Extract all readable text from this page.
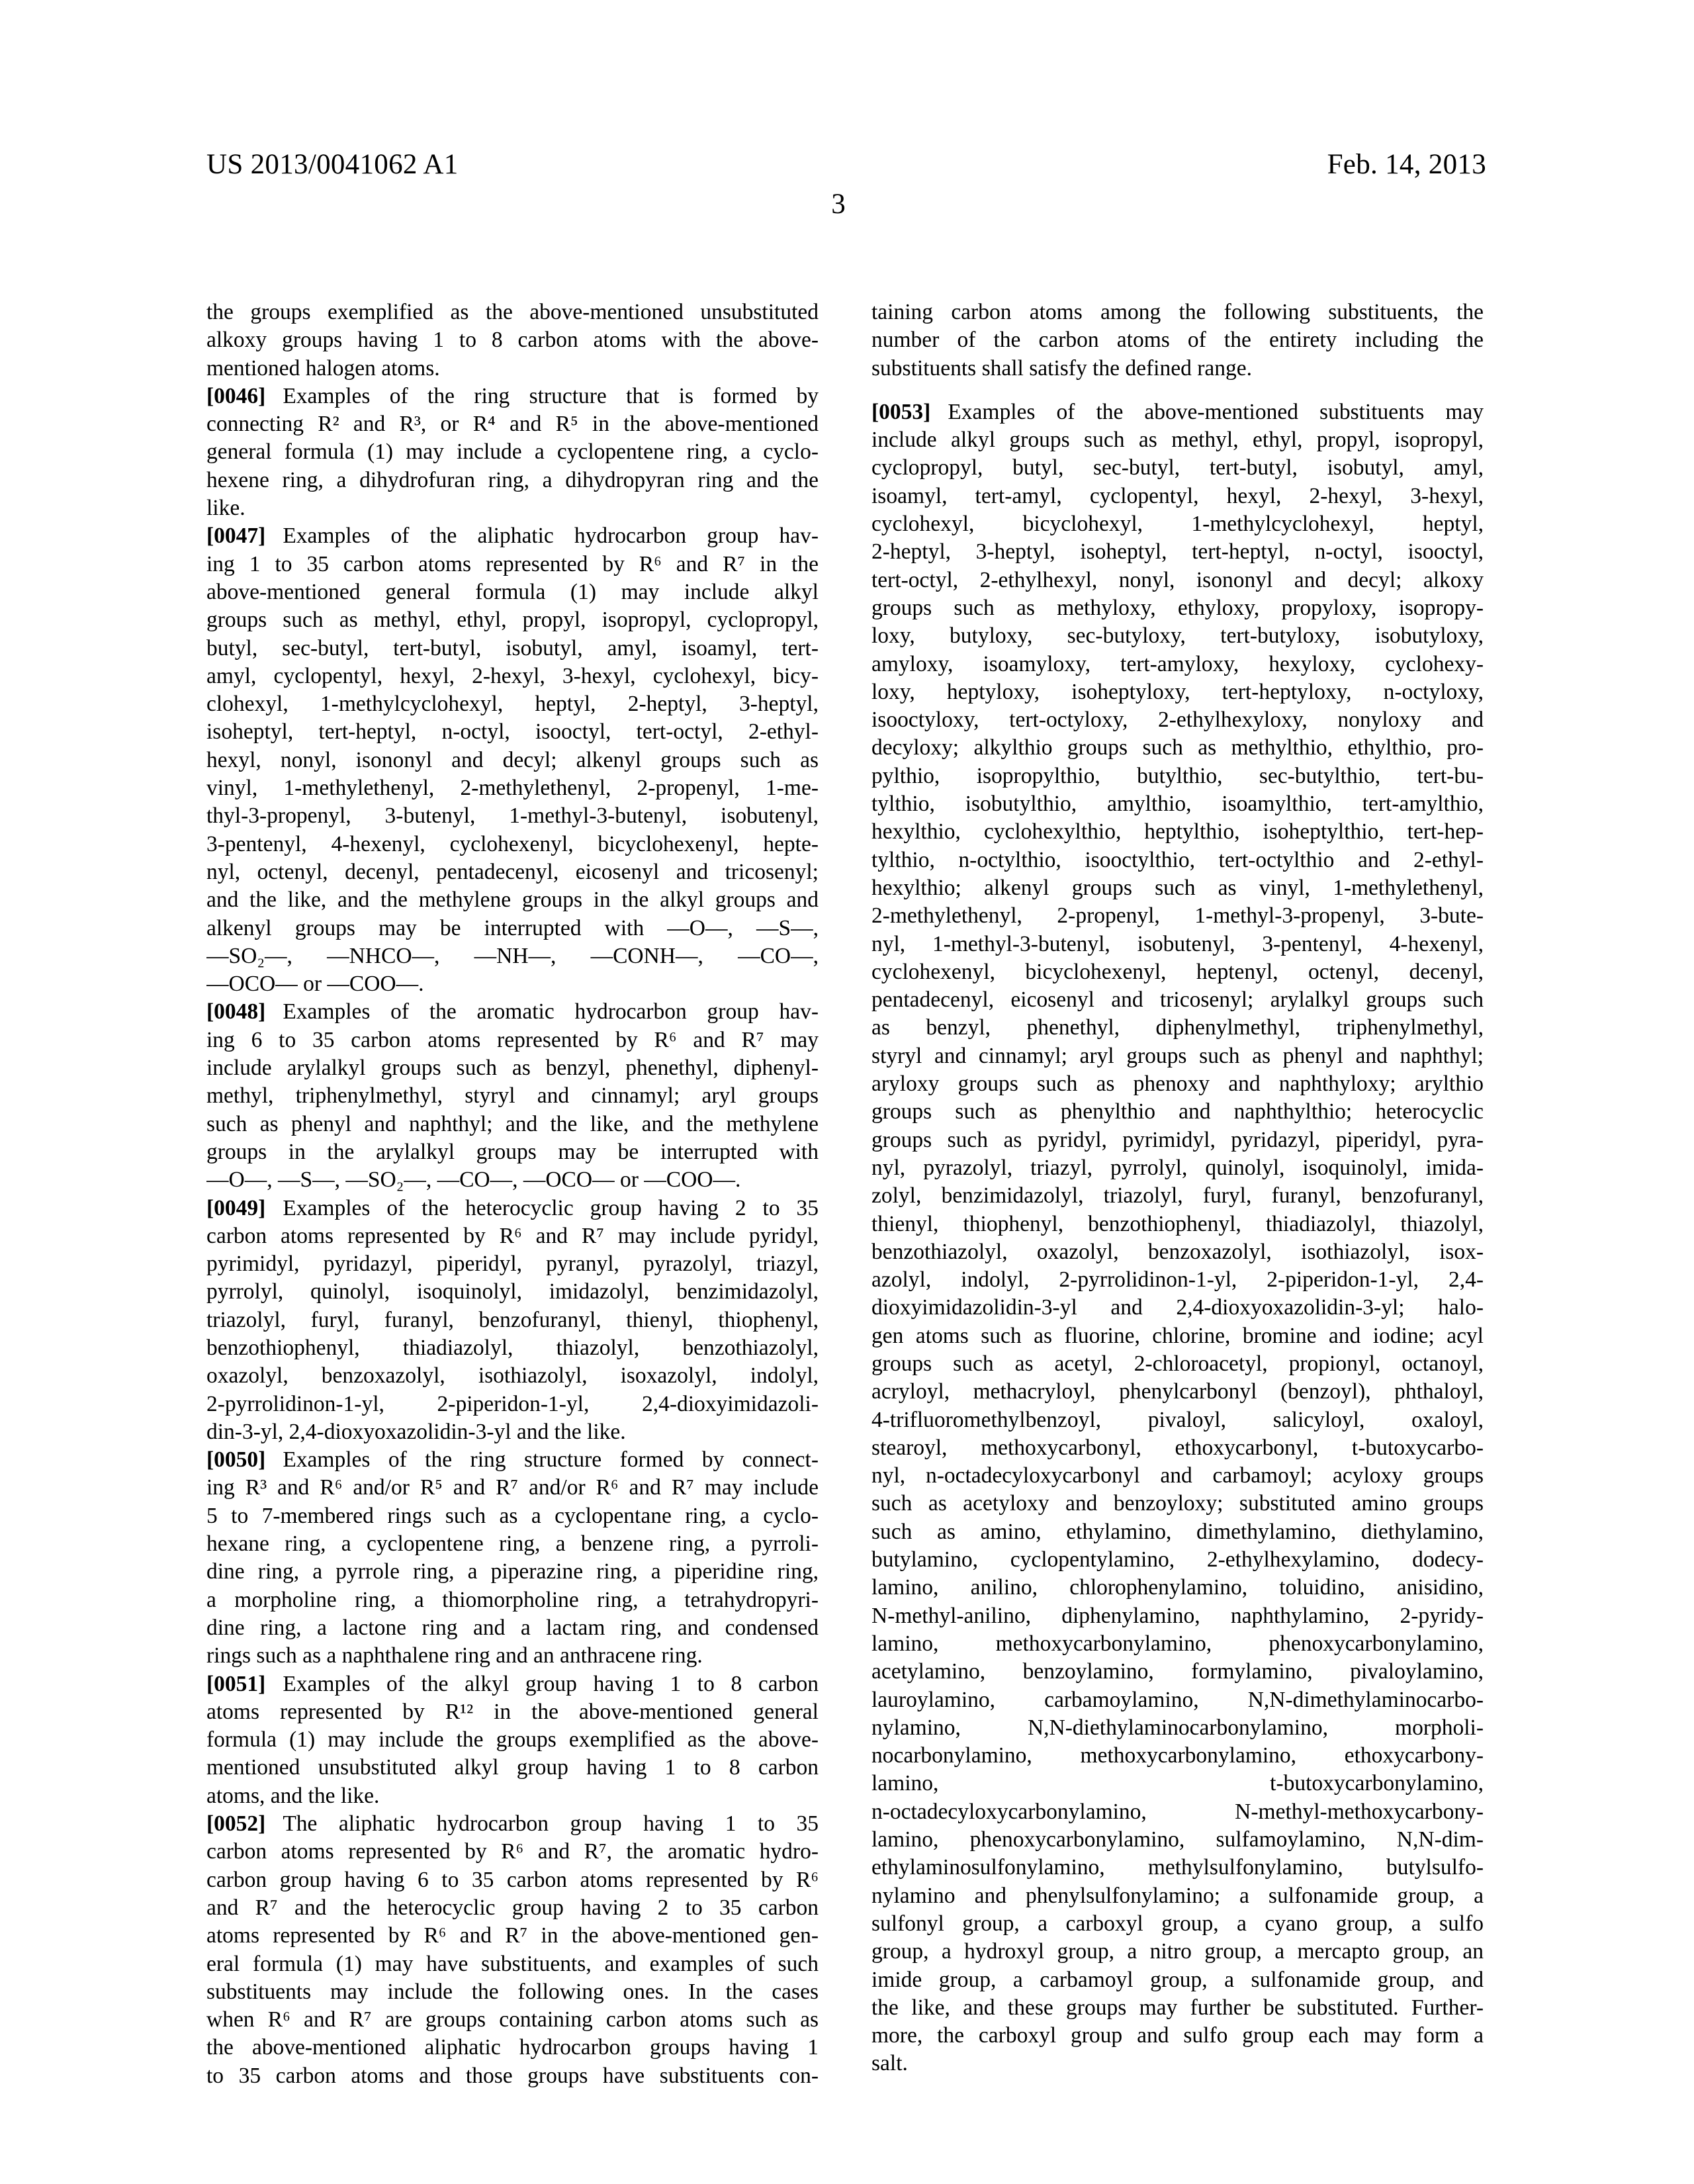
US 2013/0041062 A1	Feb. 14, 2013
3
the groups exemplified as the above-mentioned unsubstituted
alkoxy groups having 1 to 8 carbon atoms with the above-
mentioned halogen atoms.
[0046] Examples of the ring structure that is formed by
connecting R² and R³, or R⁴ and R⁵ in the above-mentioned
general formula (1) may include a cyclopentene ring, a cyclo-
hexene ring, a dihydrofuran ring, a dihydropyran ring and the
like.
[0047] Examples of the aliphatic hydrocarbon group hav-
ing 1 to 35 carbon atoms represented by R⁶ and R⁷ in the
above-mentioned general formula (1) may include alkyl
groups such as methyl, ethyl, propyl, isopropyl, cyclopropyl,
butyl, sec-butyl, tert-butyl, isobutyl, amyl, isoamyl, tert-
amyl, cyclopentyl, hexyl, 2-hexyl, 3-hexyl, cyclohexyl, bicy-
clohexyl, 1-methylcyclohexyl, heptyl, 2-heptyl, 3-heptyl,
isoheptyl, tert-heptyl, n-octyl, isooctyl, tert-octyl, 2-ethyl-
hexyl, nonyl, isononyl and decyl; alkenyl groups such as
vinyl, 1-methylethenyl, 2-methylethenyl, 2-propenyl, 1-me-
thyl-3-propenyl, 3-butenyl, 1-methyl-3-butenyl, isobutenyl,
3-pentenyl, 4-hexenyl, cyclohexenyl, bicyclohexenyl, hepte-
nyl, octenyl, decenyl, pentadecenyl, eicosenyl and tricosenyl;
and the like, and the methylene groups in the alkyl groups and
alkenyl groups may be interrupted with —O—, —S—,
—SO₂—, —NHCO—, —NH—, —CONH—, —CO—,
—OCO— or —COO—.
[0048] Examples of the aromatic hydrocarbon group hav-
ing 6 to 35 carbon atoms represented by R⁶ and R⁷ may
include arylalkyl groups such as benzyl, phenethyl, diphenyl-
methyl, triphenylmethyl, styryl and cinnamyl; aryl groups
such as phenyl and naphthyl; and the like, and the methylene
groups in the arylalkyl groups may be interrupted with
—O—, —S—, —SO₂—, —CO—, —OCO— or —COO—.
[0049] Examples of the heterocyclic group having 2 to 35
carbon atoms represented by R⁶ and R⁷ may include pyridyl,
pyrimidyl, pyridazyl, piperidyl, pyranyl, pyrazolyl, triazyl,
pyrrolyl, quinolyl, isoquinolyl, imidazolyl, benzimidazolyl,
triazolyl, furyl, furanyl, benzofuranyl, thienyl, thiophenyl,
benzothiophenyl, thiadiazolyl, thiazolyl, benzothiazolyl,
oxazolyl, benzoxazolyl, isothiazolyl, isoxazolyl, indolyl,
2-pyrrolidinon-1-yl, 2-piperidon-1-yl, 2,4-dioxyimidazoli-
din-3-yl, 2,4-dioxyoxazolidin-3-yl and the like.
[0050] Examples of the ring structure formed by connect-
ing R³ and R⁶ and/or R⁵ and R⁷ and/or R⁶ and R⁷ may include
5 to 7-membered rings such as a cyclopentane ring, a cyclo-
hexane ring, a cyclopentene ring, a benzene ring, a pyrroli-
dine ring, a pyrrole ring, a piperazine ring, a piperidine ring,
a morpholine ring, a thiomorpholine ring, a tetrahydropyri-
dine ring, a lactone ring and a lactam ring, and condensed
rings such as a naphthalene ring and an anthracene ring.
[0051] Examples of the alkyl group having 1 to 8 carbon
atoms represented by R¹² in the above-mentioned general
formula (1) may include the groups exemplified as the above-
mentioned unsubstituted alkyl group having 1 to 8 carbon
atoms, and the like.
[0052] The aliphatic hydrocarbon group having 1 to 35
carbon atoms represented by R⁶ and R⁷, the aromatic hydro-
carbon group having 6 to 35 carbon atoms represented by R⁶
and R⁷ and the heterocyclic group having 2 to 35 carbon
atoms represented by R⁶ and R⁷ in the above-mentioned gen-
eral formula (1) may have substituents, and examples of such
substituents may include the following ones. In the cases
when R⁶ and R⁷ are groups containing carbon atoms such as
the above-mentioned aliphatic hydrocarbon groups having 1
to 35 carbon atoms and those groups have substituents con-
taining carbon atoms among the following substituents, the
number of the carbon atoms of the entirety including the
substituents shall satisfy the defined range.
[0053] Examples of the above-mentioned substituents may
include alkyl groups such as methyl, ethyl, propyl, isopropyl,
cyclopropyl, butyl, sec-butyl, tert-butyl, isobutyl, amyl,
isoamyl, tert-amyl, cyclopentyl, hexyl, 2-hexyl, 3-hexyl,
cyclohexyl, bicyclohexyl, 1-methylcyclohexyl, heptyl,
2-heptyl, 3-heptyl, isoheptyl, tert-heptyl, n-octyl, isooctyl,
tert-octyl, 2-ethylhexyl, nonyl, isononyl and decyl; alkoxy
groups such as methyloxy, ethyloxy, propyloxy, isopropy-
loxy, butyloxy, sec-butyloxy, tert-butyloxy, isobutyloxy,
amyloxy, isoamyloxy, tert-amyloxy, hexyloxy, cyclohexy-
loxy, heptyloxy, isoheptyloxy, tert-heptyloxy, n-octyloxy,
isooctyloxy, tert-octyloxy, 2-ethylhexyloxy, nonyloxy and
decyloxy; alkylthio groups such as methylthio, ethylthio, pro-
pylthio, isopropylthio, butylthio, sec-butylthio, tert-bu-
tylthio, isobutylthio, amylthio, isoamylthio, tert-amylthio,
hexylthio, cyclohexylthio, heptylthio, isoheptylthio, tert-hep-
tylthio, n-octylthio, isooctylthio, tert-octylthio and 2-ethyl-
hexylthio; alkenyl groups such as vinyl, 1-methylethenyl,
2-methylethenyl, 2-propenyl, 1-methyl-3-propenyl, 3-bute-
nyl, 1-methyl-3-butenyl, isobutenyl, 3-pentenyl, 4-hexenyl,
cyclohexenyl, bicyclohexenyl, heptenyl, octenyl, decenyl,
pentadecenyl, eicosenyl and tricosenyl; arylalkyl groups such
as benzyl, phenethyl, diphenylmethyl, triphenylmethyl,
styryl and cinnamyl; aryl groups such as phenyl and naphthyl;
aryloxy groups such as phenoxy and naphthyloxy; arylthio
groups such as phenylthio and naphthylthio; heterocyclic
groups such as pyridyl, pyrimidyl, pyridazyl, piperidyl, pyra-
nyl, pyrazolyl, triazyl, pyrrolyl, quinolyl, isoquinolyl, imida-
zolyl, benzimidazolyl, triazolyl, furyl, furanyl, benzofuranyl,
thienyl, thiophenyl, benzothiophenyl, thiadiazolyl, thiazolyl,
benzothiazolyl, oxazolyl, benzoxazolyl, isothiazolyl, isox-
azolyl, indolyl, 2-pyrrolidinon-1-yl, 2-piperidon-1-yl, 2,4-
dioxyimidazolidin-3-yl and 2,4-dioxyoxazolidin-3-yl; halo-
gen atoms such as fluorine, chlorine, bromine and iodine; acyl
groups such as acetyl, 2-chloroacetyl, propionyl, octanoyl,
acryloyl, methacryloyl, phenylcarbonyl (benzoyl), phthaloyl,
4-trifluoromethylbenzoyl, pivaloyl, salicyloyl, oxaloyl,
stearoyl, methoxycarbonyl, ethoxycarbonyl, t-butoxycarbo-
nyl, n-octadecyloxycarbonyl and carbamoyl; acyloxy groups
such as acetyloxy and benzoyloxy; substituted amino groups
such as amino, ethylamino, dimethylamino, diethylamino,
butylamino, cyclopentylamino, 2-ethylhexylamino, dodecy-
lamino, anilino, chlorophenylamino, toluidino, anisidino,
N-methyl-anilino, diphenylamino, naphthylamino, 2-pyridy-
lamino, methoxycarbonylamino, phenoxycarbonylamino,
acetylamino, benzoylamino, formylamino, pivaloylamino,
lauroylamino, carbamoylamino, N,N-dimethylaminocarbo-
nylamino, N,N-diethylaminocarbonylamino, morpholi-
nocarbonylamino, methoxycarbonylamino, ethoxycarbony-
lamino, t-butoxycarbonylamino,
n-octadecyloxycarbonylamino, N-methyl-methoxycarbony-
lamino, phenoxycarbonylamino, sulfamoylamino, N,N-dim-
ethylaminosulfonylamino, methylsulfonylamino, butylsulfo-
nylamino and phenylsulfonylamino; a sulfonamide group, a
sulfonyl group, a carboxyl group, a cyano group, a sulfo
group, a hydroxyl group, a nitro group, a mercapto group, an
imide group, a carbamoyl group, a sulfonamide group, and
the like, and these groups may further be substituted. Further-
more, the carboxyl group and sulfo group each may form a
salt.
